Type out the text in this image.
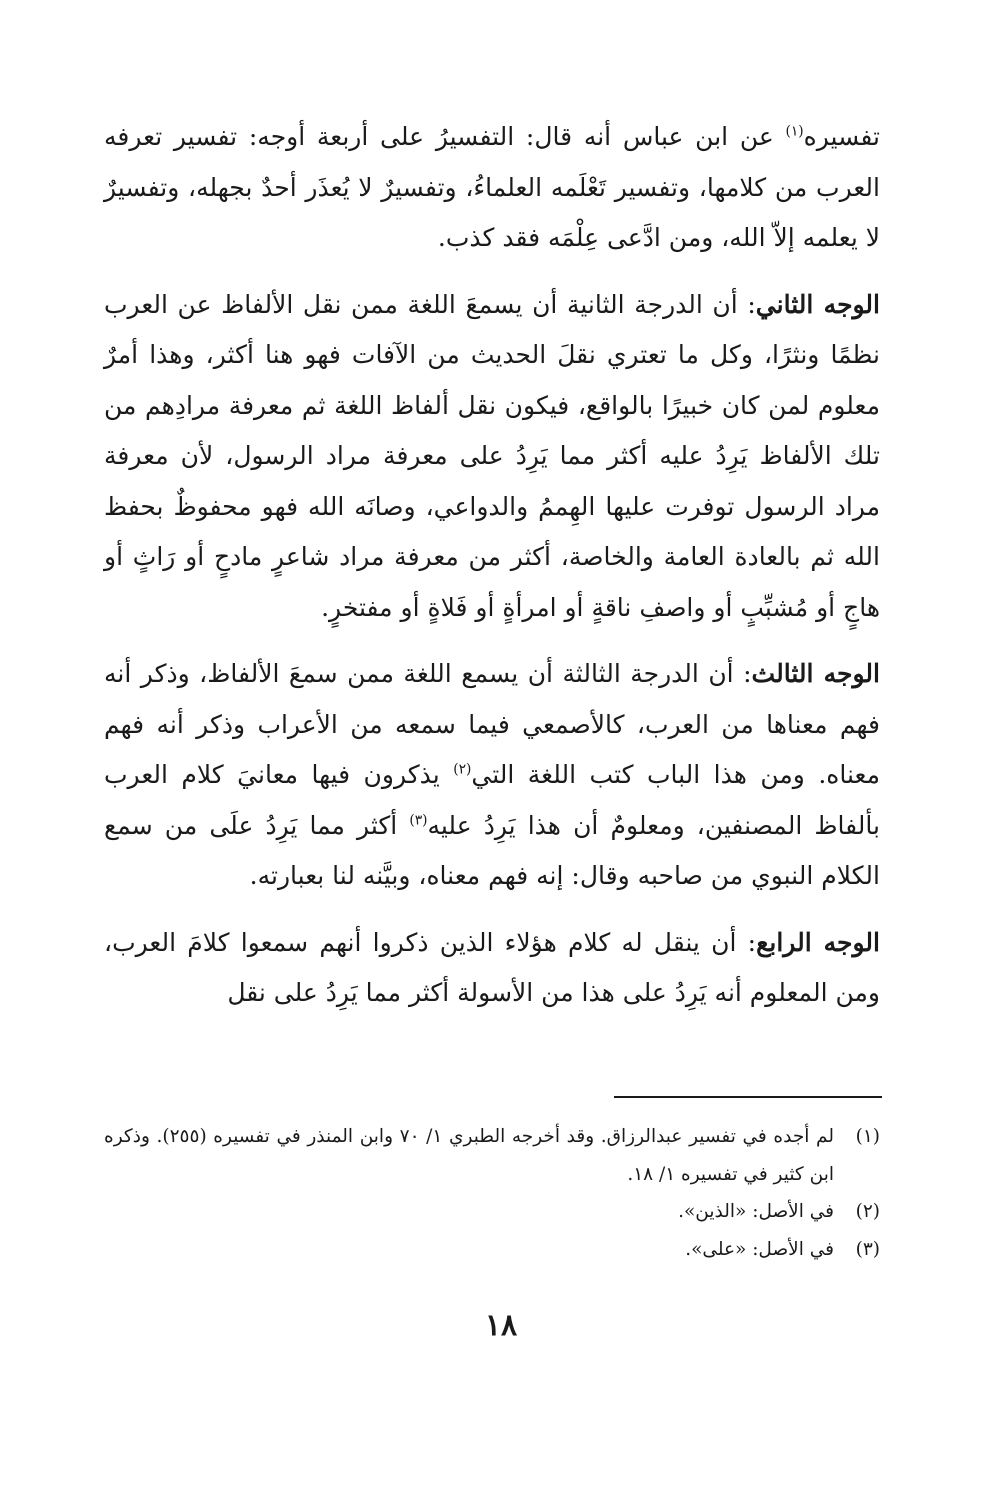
تفسيره$^{(١)}$ عن ابن عباس أنه قال: التفسيرُ على أربعة أوجه: تفسير تعرفه العرب من كلامها، وتفسير تَعْلَمه العلماءُ، وتفسيرٌ لا يُعذَر أحدٌ بجهله، وتفسيرٌ لا يعلمه إلاّ الله، ومن ادَّعى عِلْمَه فقد كذب.

الوجه الثاني: أن الدرجة الثانية أن يسمعَ اللغة ممن نقل الألفاظ عن العرب نظمًا ونثرًا، وكل ما تعتري نقلَ الحديث من الآفات فهو هنا أكثر، وهذا أمرٌ معلوم لمن كان خبيرًا بالواقع، فيكون نقل ألفاظ اللغة ثم معرفة مرادِهم من تلك الألفاظ يَرِدُ عليه أكثر مما يَرِدُ على معرفة مراد الرسول، لأن معرفة مراد الرسول توفرت عليها الهِممُ والدواعي، وصانَه الله فهو محفوظٌ بحفظ الله ثم بالعادة العامة والخاصة، أكثر من معرفة مراد شاعرٍ مادحٍ أو رَاثٍ أو هاجٍ أو مُشبِّبٍ أو واصفِ ناقةٍ أو امرأةٍ أو فَلاةٍ أو مفتخرٍ.

الوجه الثالث: أن الدرجة الثالثة أن يسمع اللغة ممن سمعَ الألفاظ، وذكر أنه فهم معناها من العرب، كالأصمعي فيما سمعه من الأعراب وذكر أنه فهم معناه. ومن هذا الباب كتب اللغة التي$^{(٢)}$ يذكرون فيها معانيَ كلام العرب بألفاظ المصنفين، ومعلومٌ أن هذا يَرِدُ عليه$^{(٣)}$ أكثر مما يَرِدُ علَى من سمع الكلام النبوي من صاحبه وقال: إنه فهم معناه، وبيَّنه لنا بعبارته.

الوجه الرابع: أن ينقل له كلام هؤلاء الذين ذكروا أنهم سمعوا كلامَ العرب، ومن المعلوم أنه يَرِدُ على هذا من الأسولة أكثر مما يَرِدُ على نقل

(١)
لم أجده في تفسير عبدالرزاق. وقد أخرجه الطبري ١/ ٧٠ وابن المنذر في تفسيره (٢٥٥). وذكره ابن كثير في تفسيره ١/ ١٨.
(٢)
في الأصل: «الذين».
(٣)
في الأصل: «على».
١٨
